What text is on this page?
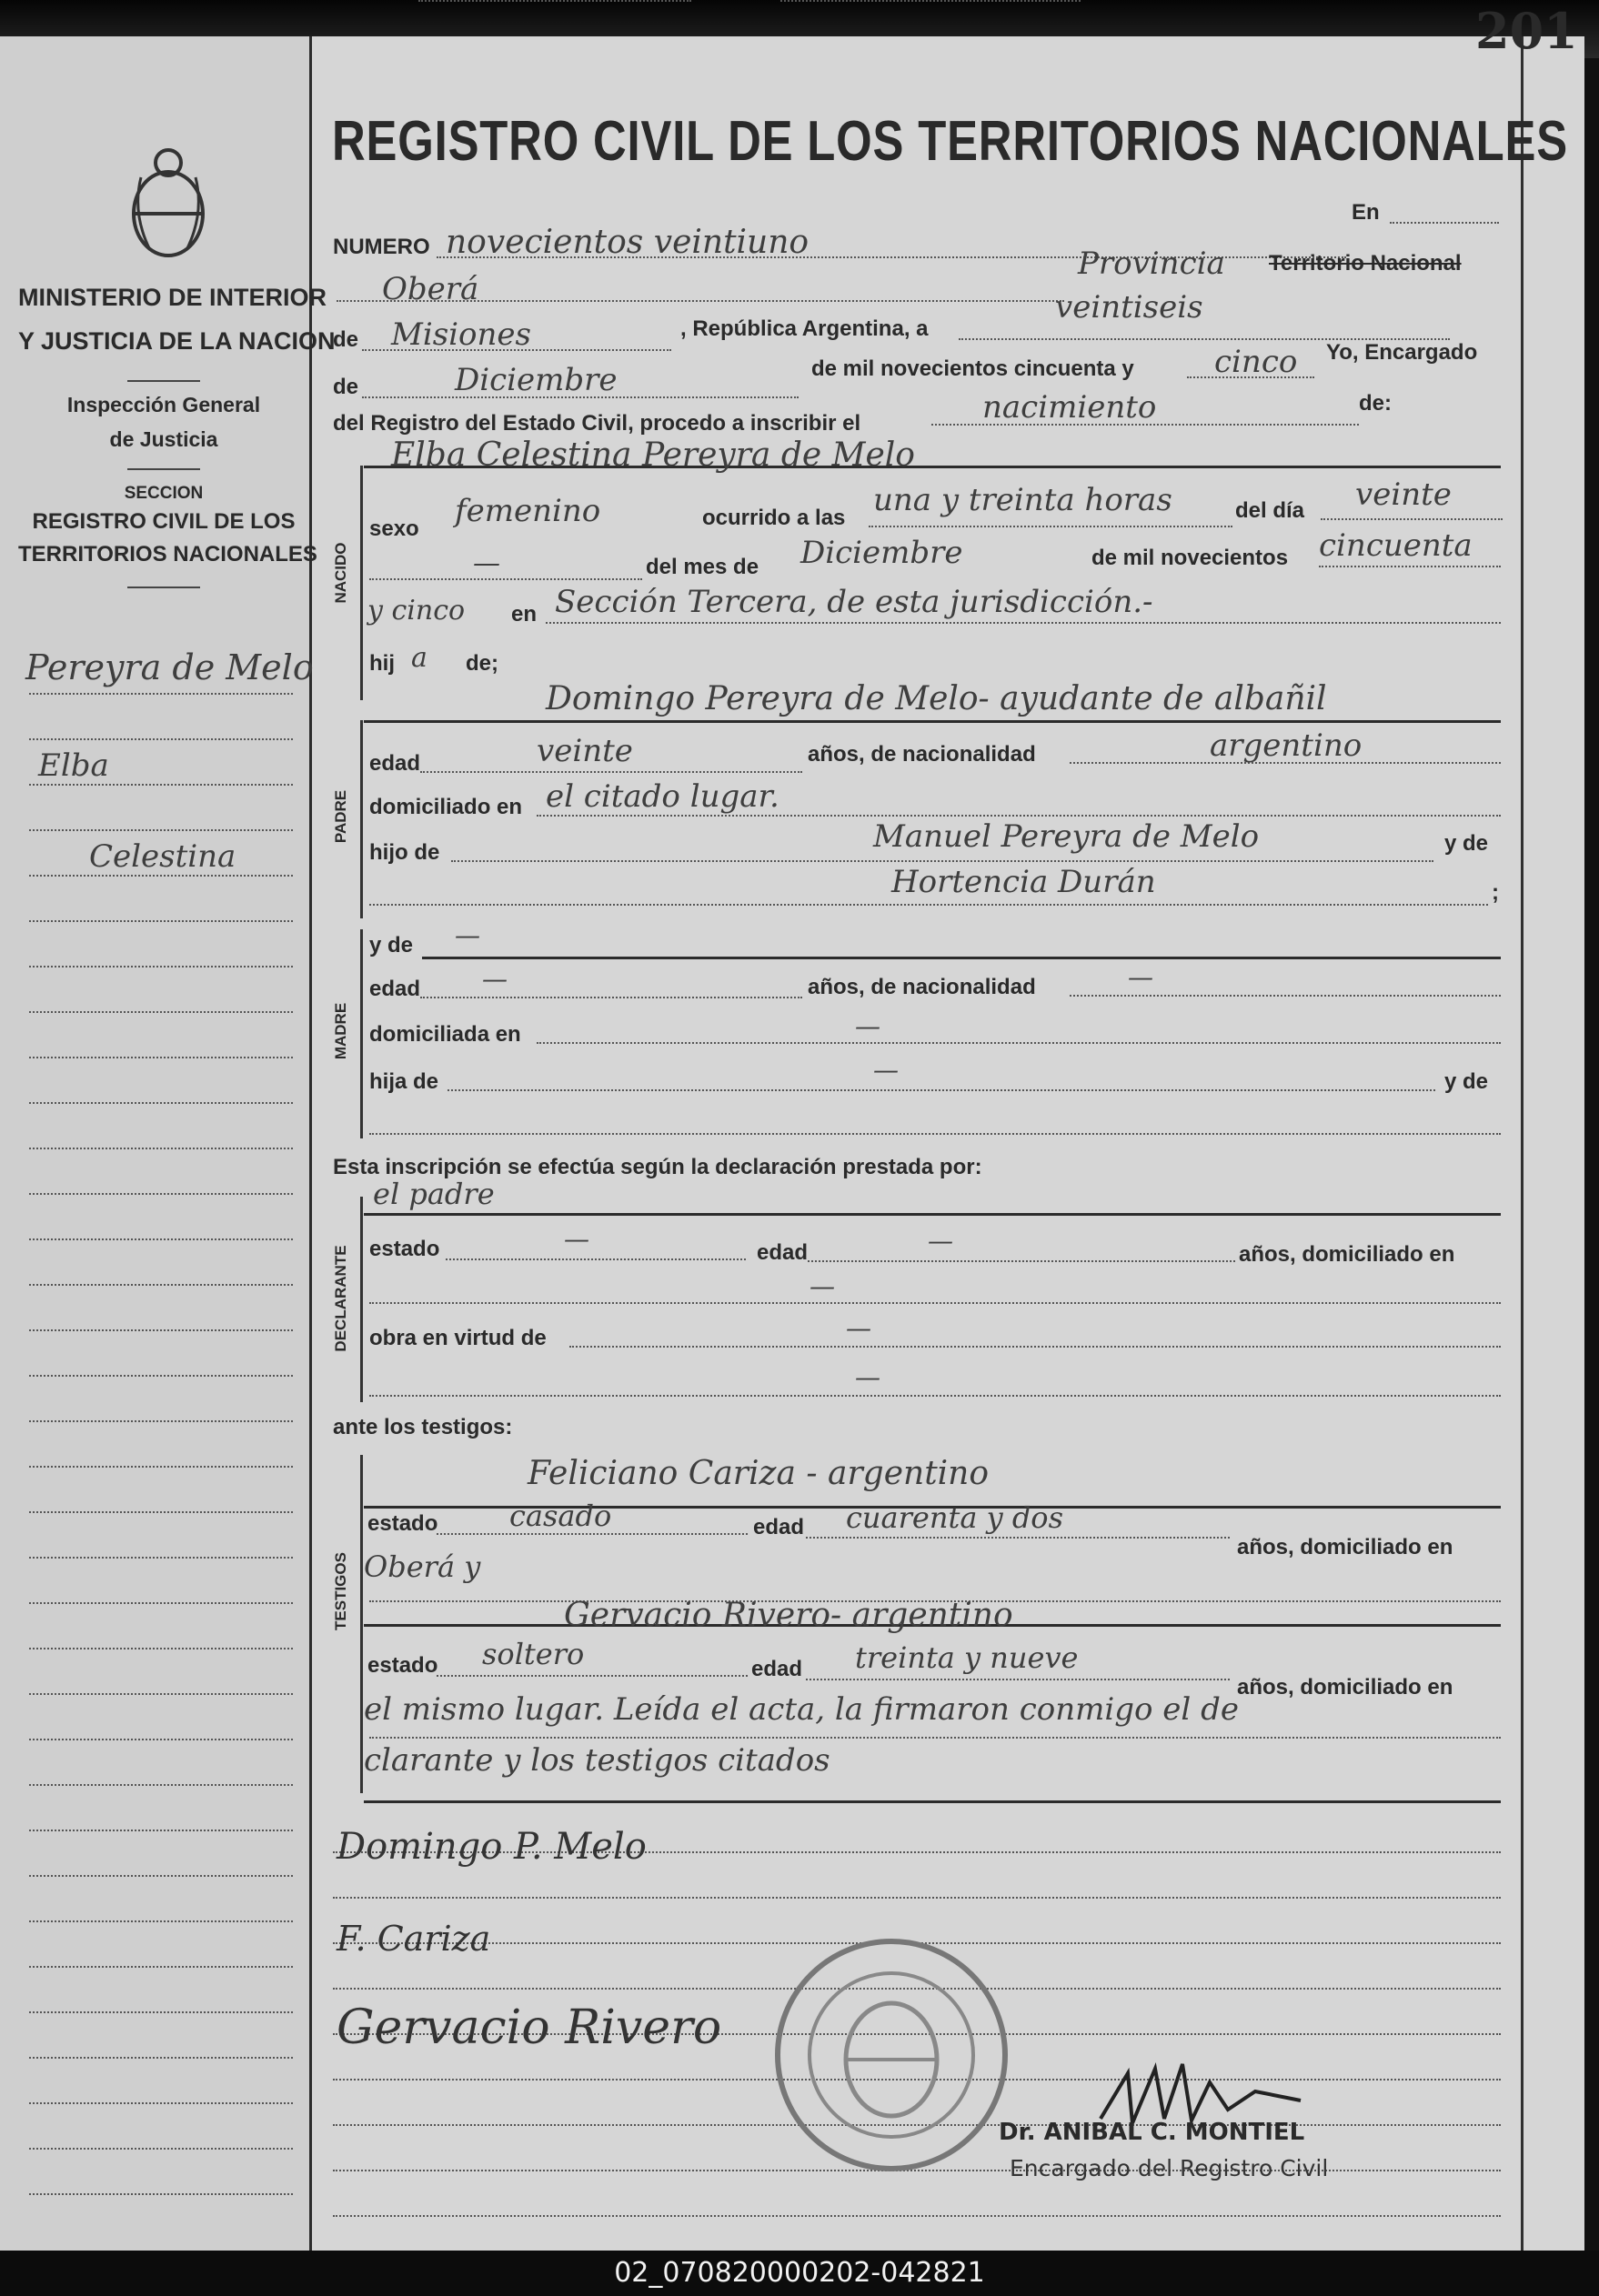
201
MINISTERIO DE INTERIOR
Y JUSTICIA DE LA NACION
Inspección General
de Justicia
SECCION
REGISTRO CIVIL DE LOS
TERRITORIOS NACIONALES
Pereyra de Melo
Elba
Celestina
REGISTRO CIVIL DE LOS TERRITORIOS NACIONALES
NUMERO novecientos veintiuno
En
Oberá
Provincia Territorio Nacional
de Misiones	, República Argentina, a
veintiseis
de	Diciembre	de mil novecientos cincuenta y	cinco Yo, Encargado
del Registro del Estado Civil, procedo a inscribir el	nacimiento	de:
Elba Celestina Pereyra de Melo
NACIDO
sexo femenino	ocurrido a las una y treinta horas	del día veinte
—	del mes de Diciembre	de mil novecientos cincuenta
y cinco en Sección Tercera, de esta jurisdicción.-
hij a de;
Domingo Pereyra de Melo- ayudante de albañil
PADRE
edad	veinte	años, de nacionalidad	argentino
domiciliado en el citado lugar.
hijo de	Manuel Pereyra de Melo	y de
Hortencia Durán	;
MADRE
y de —
edad —	años, de nacionalidad	—
domiciliada en	—
hija de	—	y de
Esta inscripción se efectúa según la declaración prestada por:
el padre
DECLARANTE estado	—	edad	—	años, domiciliado en
—
obra en virtud de	—
—
ante los testigos:
TESTIGOS
Feliciano Cariza - argentino
estado casado	edad cuarenta y dos
años, domiciliado en
Oberá y
Gervacio Rivero- argentino
estado soltero	edad treinta y nueve
años, domiciliado en
el mismo lugar. Leída el acta, la firmaron conmigo el de
clarante y los testigos citados
Domingo P. Melo
F. Cariza
Gervacio Rivero
Dr. ANIBAL C. MONTIEL
Encargado del Registro Civil
02_070820000202-042821
